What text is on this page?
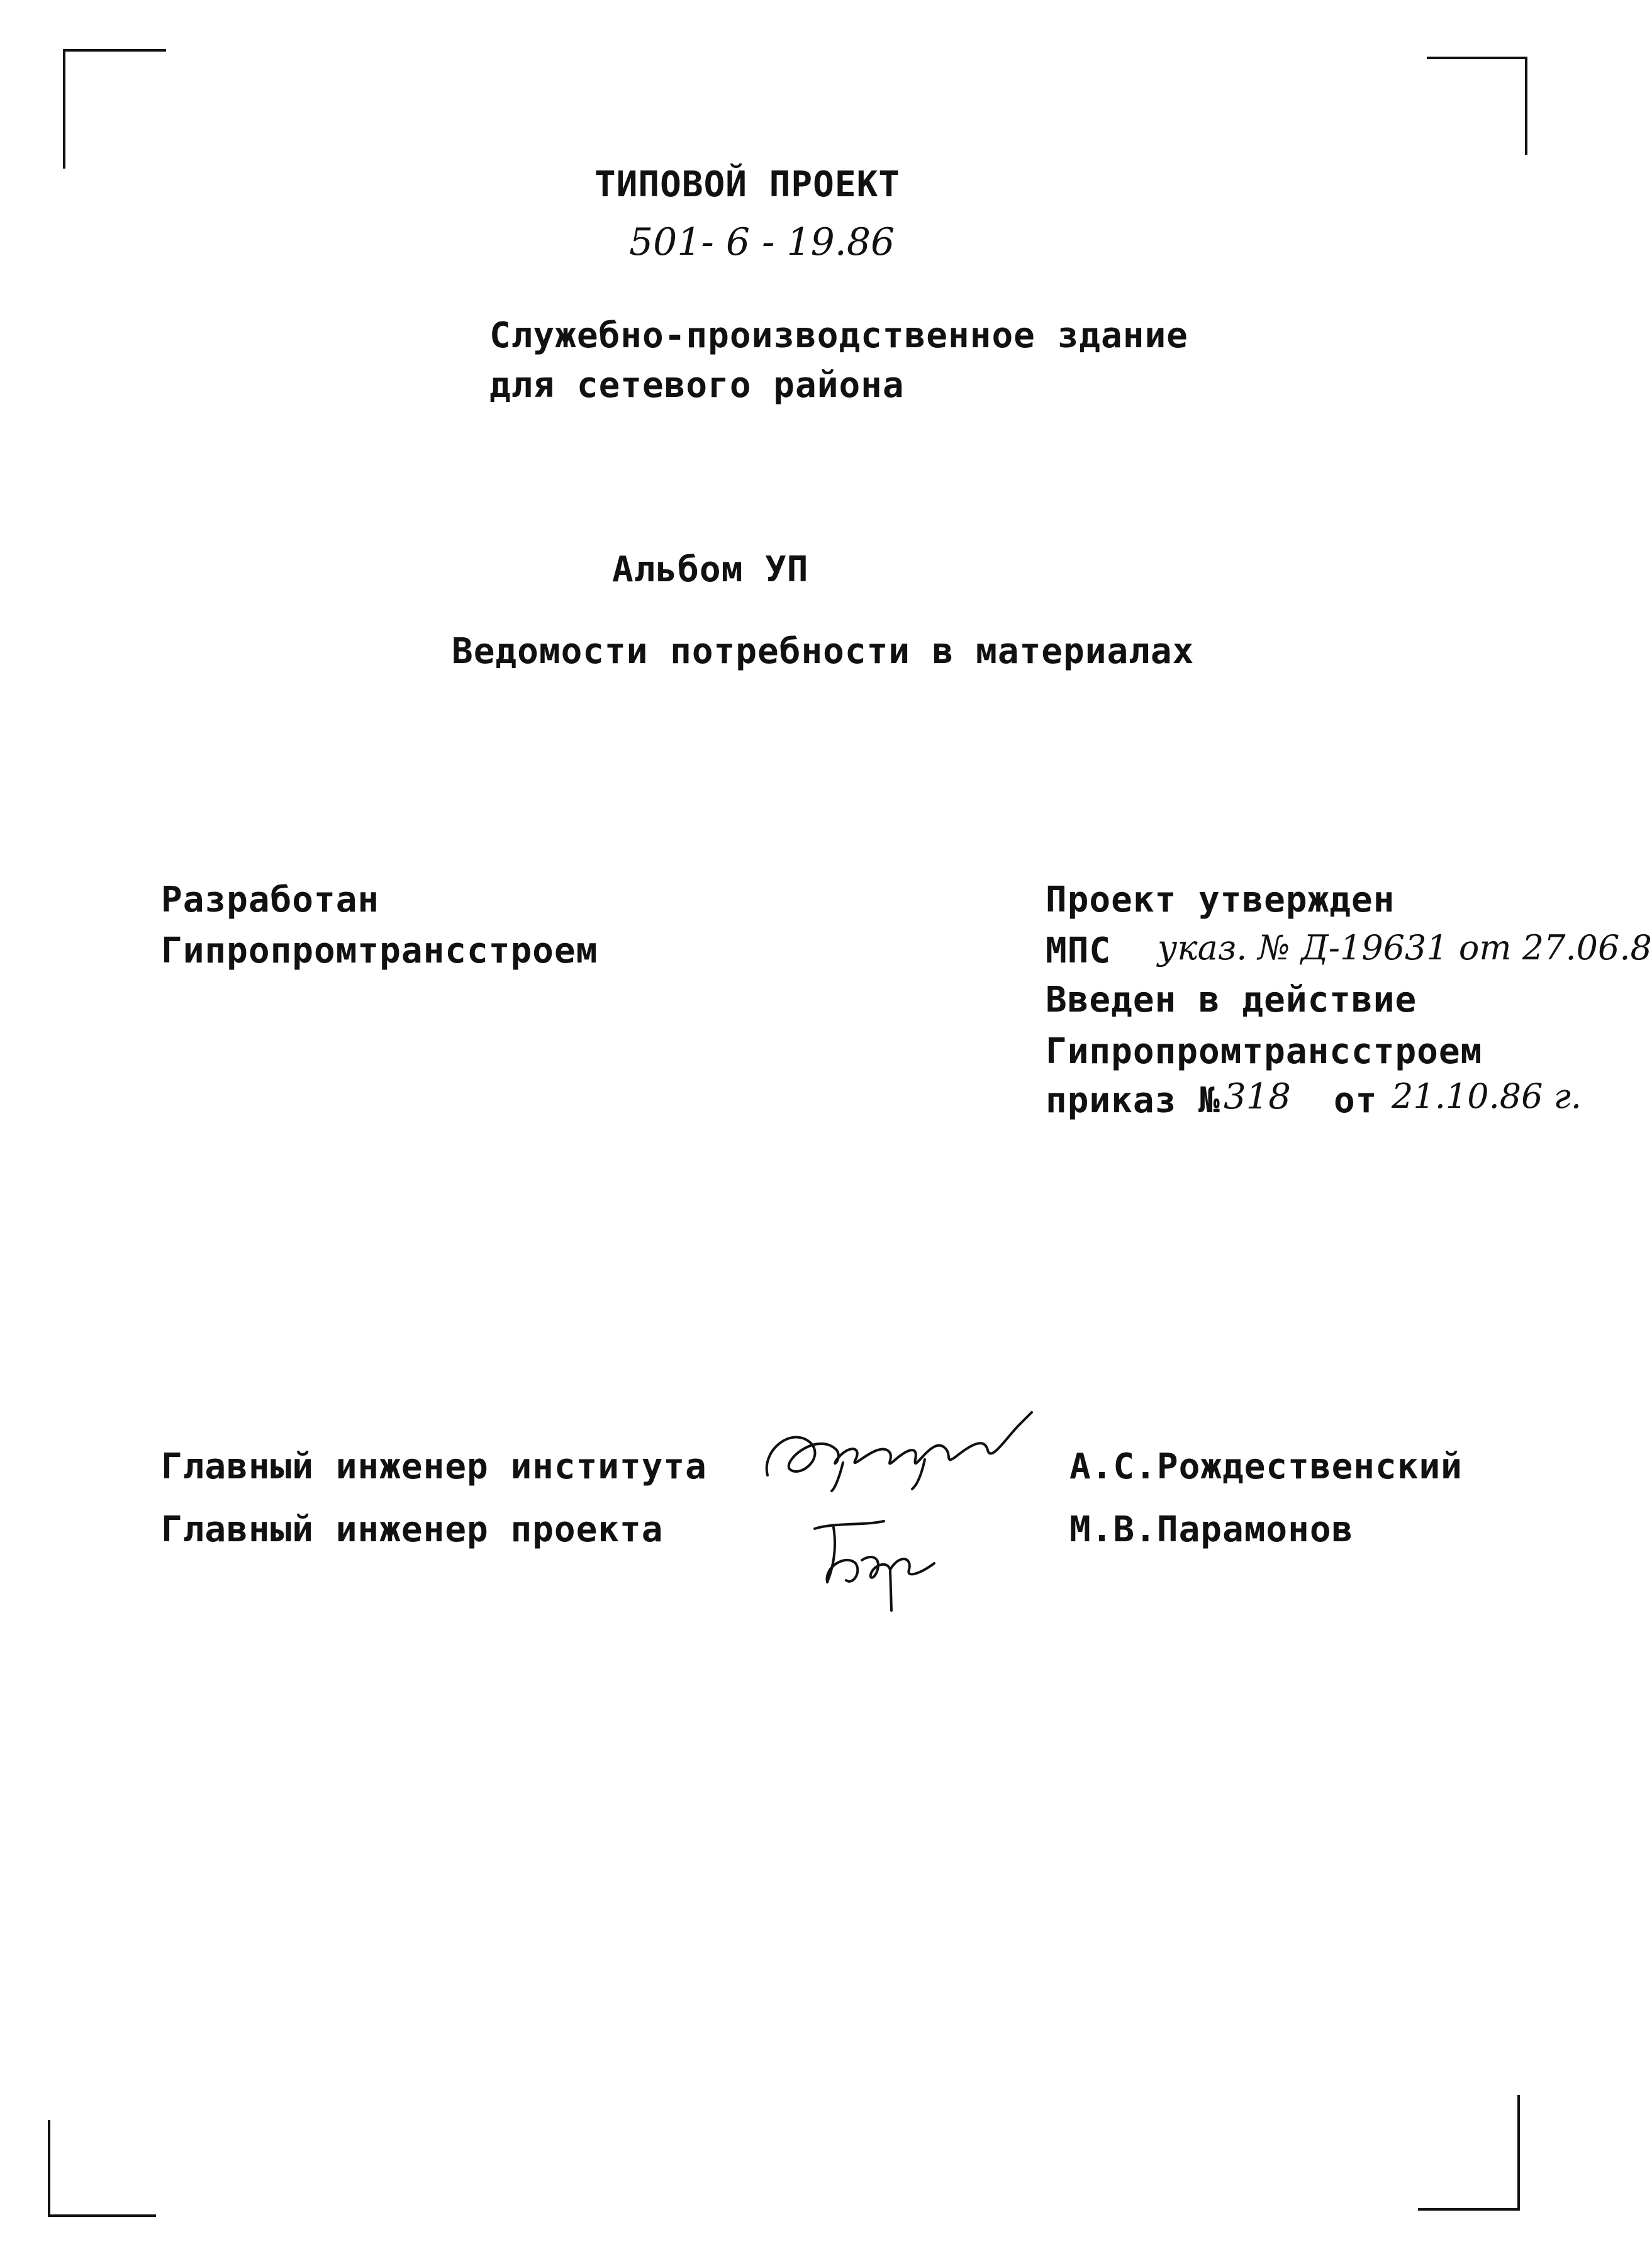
ТИПОВОЙ ПРОЕКТ
501- 6 - 19.86
Служебно-производственное здание
для сетевого района
Альбом УП
Ведомости потребности в материалах
Разработан
Гипропромтрансстроем
Проект утвержден
МПС указ. № Д-19631 от 27.06.8
Введен в действие
Гипропромтрансстроем
приказ № 318 от 21.10.86 г.
Главный инженер института	А.С.Рождественский
Главный инженер проекта	М.В.Парамонов
